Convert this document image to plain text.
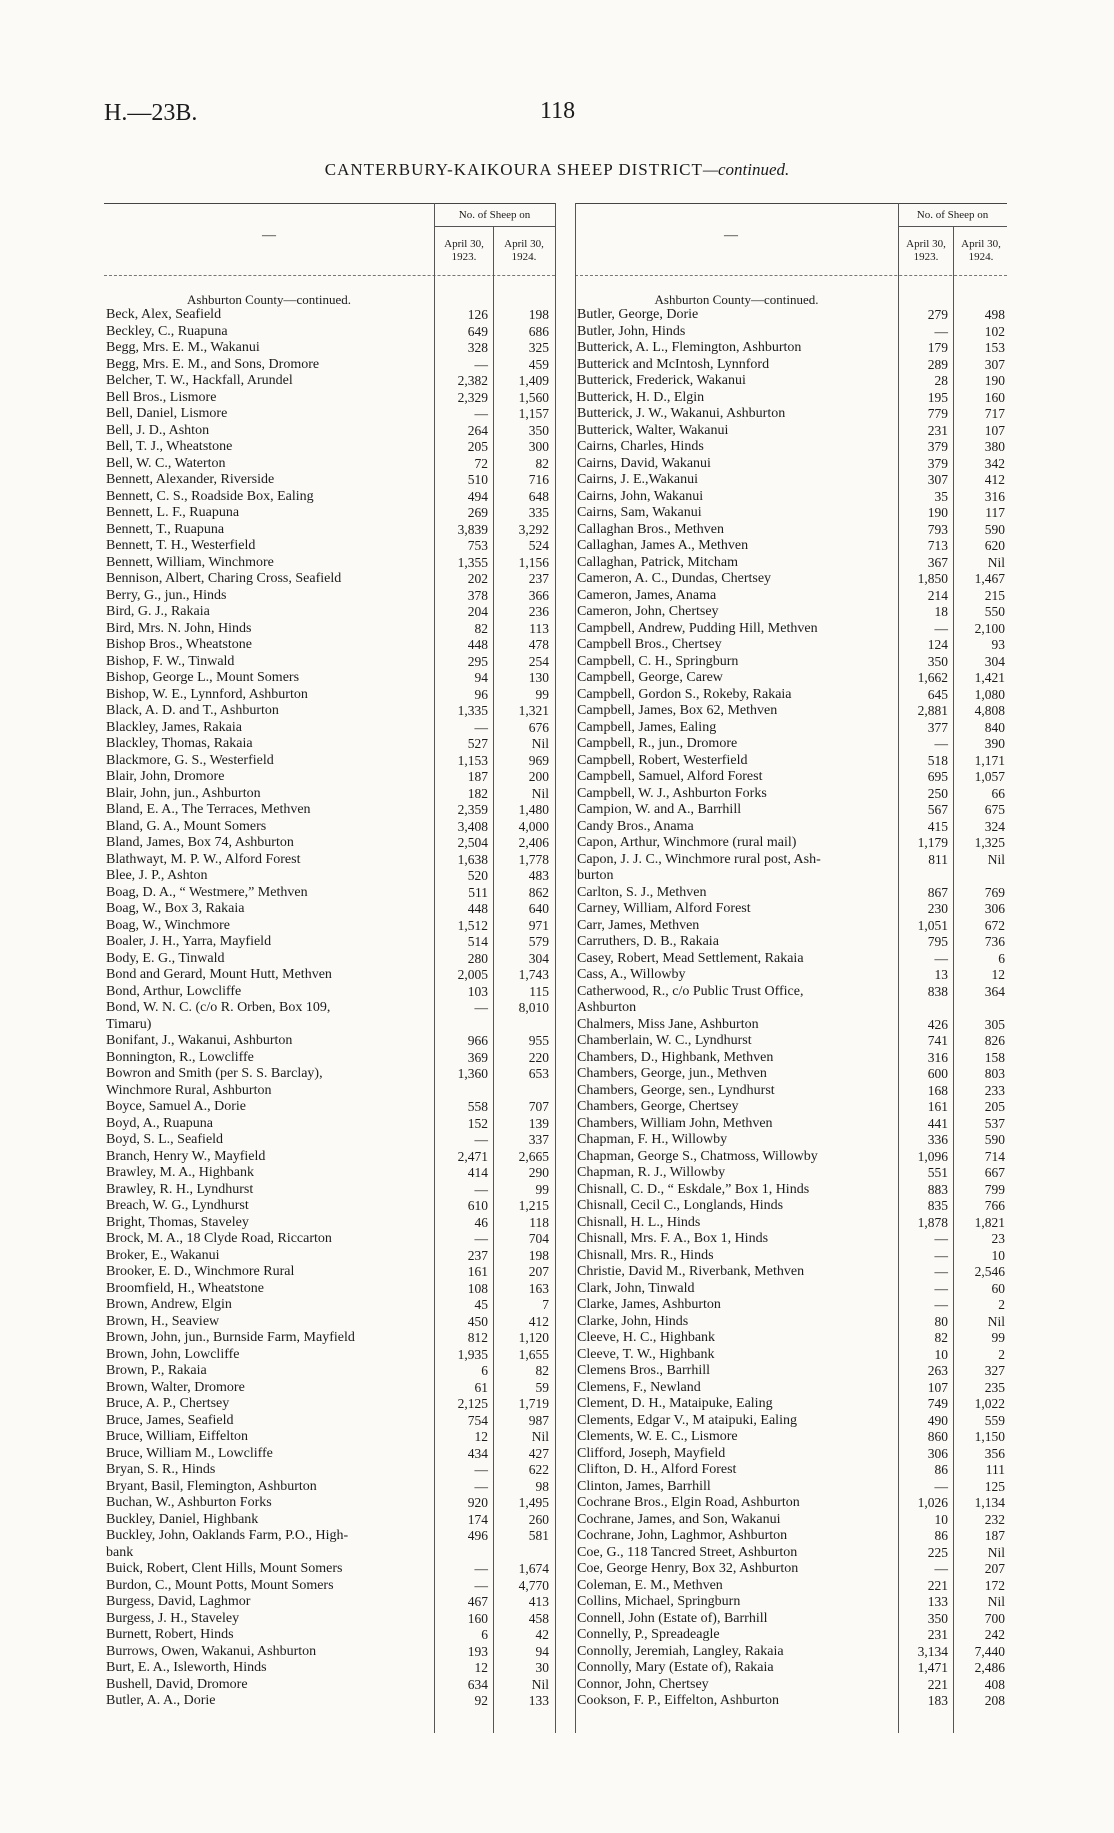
H.—23B.	118
CANTERBURY-KAIKOURA SHEEP DISTRICT—continued.
—
No. of Sheep on
April 30, 1923.
April 30, 1924.
—
No. of Sheep on
April 30, 1923.
April 30, 1924.
Ashburton County—continued.	Ashburton County—continued.
Beck, Alex, Seafield	126	198
Beckley, C., Ruapuna	649	686
Begg, Mrs. E. M., Wakanui	328	325
Begg, Mrs. E. M., and Sons, Dromore	—	459
Belcher, T. W., Hackfall, Arundel	2,382	1,409
Bell Bros., Lismore	2,329	1,560
Bell, Daniel, Lismore	—	1,157
Bell, J. D., Ashton	264	350
Bell, T. J., Wheatstone	205	300
Bell, W. C., Waterton	72	82
Bennett, Alexander, Riverside	510	716
Bennett, C. S., Roadside Box, Ealing	494	648
Bennett, L. F., Ruapuna	269	335
Bennett, T., Ruapuna	3,839	3,292
Bennett, T. H., Westerfield	753	524
Bennett, William, Winchmore	1,355	1,156
Bennison, Albert, Charing Cross, Seafield	202	237
Berry, G., jun., Hinds	378	366
Bird, G. J., Rakaia	204	236
Bird, Mrs. N. John, Hinds	82	113
Bishop Bros., Wheatstone	448	478
Bishop, F. W., Tinwald	295	254
Bishop, George L., Mount Somers	94	130
Bishop, W. E., Lynnford, Ashburton	96	99
Black, A. D. and T., Ashburton	1,335	1,321
Blackley, James, Rakaia	—	676
Blackley, Thomas, Rakaia	527	Nil
Blackmore, G. S., Westerfield	1,153	969
Blair, John, Dromore	187	200
Blair, John, jun., Ashburton	182	Nil
Bland, E. A., The Terraces, Methven	2,359	1,480
Bland, G. A., Mount Somers	3,408	4,000
Bland, James, Box 74, Ashburton	2,504	2,406
Blathwayt, M. P. W., Alford Forest	1,638	1,778
Blee, J. P., Ashton	520	483
Boag, D. A., “ Westmere,” Methven	511	862
Boag, W., Box 3, Rakaia	448	640
Boag, W., Winchmore	1,512	971
Boaler, J. H., Yarra, Mayfield	514	579
Body, E. G., Tinwald	280	304
Bond and Gerard, Mount Hutt, Methven	2,005	1,743
Bond, Arthur, Lowcliffe	103	115
Bond, W. N. C. (c/o R. Orben, Box 109,	—	8,010
Timaru)
Bonifant, J., Wakanui, Ashburton	966	955
Bonnington, R., Lowcliffe	369	220
Bowron and Smith (per S. S. Barclay),	1,360	653
Winchmore Rural, Ashburton
Boyce, Samuel A., Dorie	558	707
Boyd, A., Ruapuna	152	139
Boyd, S. L., Seafield	—	337
Branch, Henry W., Mayfield	2,471	2,665
Brawley, M. A., Highbank	414	290
Brawley, R. H., Lyndhurst	—	99
Breach, W. G., Lyndhurst	610	1,215
Bright, Thomas, Staveley	46	118
Brock, M. A., 18 Clyde Road, Riccarton	—	704
Broker, E., Wakanui	237	198
Brooker, E. D., Winchmore Rural	161	207
Broomfield, H., Wheatstone	108	163
Brown, Andrew, Elgin	45	7
Brown, H., Seaview	450	412
Brown, John, jun., Burnside Farm, Mayfield	812	1,120
Brown, John, Lowcliffe	1,935	1,655
Brown, P., Rakaia	6	82
Brown, Walter, Dromore	61	59
Bruce, A. P., Chertsey	2,125	1,719
Bruce, James, Seafield	754	987
Bruce, William, Eiffelton	12	Nil
Bruce, William M., Lowcliffe	434	427
Bryan, S. R., Hinds	—	622
Bryant, Basil, Flemington, Ashburton	—	98
Buchan, W., Ashburton Forks	920	1,495
Buckley, Daniel, Highbank	174	260
Buckley, John, Oaklands Farm, P.O., High-	496	581
bank
Buick, Robert, Clent Hills, Mount Somers	—	1,674
Burdon, C., Mount Potts, Mount Somers	—	4,770
Burgess, David, Laghmor	467	413
Burgess, J. H., Staveley	160	458
Burnett, Robert, Hinds	6	42
Burrows, Owen, Wakanui, Ashburton	193	94
Burt, E. A., Isleworth, Hinds	12	30
Bushell, David, Dromore	634	Nil
Butler, A. A., Dorie	92	133
Butler, George, Dorie	279	498
Butler, John, Hinds	—	102
Butterick, A. L., Flemington, Ashburton	179	153
Butterick and McIntosh, Lynnford	289	307
Butterick, Frederick, Wakanui	28	190
Butterick, H. D., Elgin	195	160
Butterick, J. W., Wakanui, Ashburton	779	717
Butterick, Walter, Wakanui	231	107
Cairns, Charles, Hinds	379	380
Cairns, David, Wakanui	379	342
Cairns, J. E.,Wakanui	307	412
Cairns, John, Wakanui	35	316
Cairns, Sam, Wakanui	190	117
Callaghan Bros., Methven	793	590
Callaghan, James A., Methven	713	620
Callaghan, Patrick, Mitcham	367	Nil
Cameron, A. C., Dundas, Chertsey	1,850	1,467
Cameron, James, Anama	214	215
Cameron, John, Chertsey	18	550
Campbell, Andrew, Pudding Hill, Methven	—	2,100
Campbell Bros., Chertsey	124	93
Campbell, C. H., Springburn	350	304
Campbell, George, Carew	1,662	1,421
Campbell, Gordon S., Rokeby, Rakaia	645	1,080
Campbell, James, Box 62, Methven	2,881	4,808
Campbell, James, Ealing	377	840
Campbell, R., jun., Dromore	—	390
Campbell, Robert, Westerfield	518	1,171
Campbell, Samuel, Alford Forest	695	1,057
Campbell, W. J., Ashburton Forks	250	66
Campion, W. and A., Barrhill	567	675
Candy Bros., Anama	415	324
Capon, Arthur, Winchmore (rural mail)	1,179	1,325
Capon, J. J. C., Winchmore rural post, Ash-	811	Nil
burton
Carlton, S. J., Methven	867	769
Carney, William, Alford Forest	230	306
Carr, James, Methven	1,051	672
Carruthers, D. B., Rakaia	795	736
Casey, Robert, Mead Settlement, Rakaia	—	6
Cass, A., Willowby	13	12
Catherwood, R., c/o Public Trust Office,	838	364
Ashburton
Chalmers, Miss Jane, Ashburton	426	305
Chamberlain, W. C., Lyndhurst	741	826
Chambers, D., Highbank, Methven	316	158
Chambers, George, jun., Methven	600	803
Chambers, George, sen., Lyndhurst	168	233
Chambers, George, Chertsey	161	205
Chambers, William John, Methven	441	537
Chapman, F. H., Willowby	336	590
Chapman, George S., Chatmoss, Willowby	1,096	714
Chapman, R. J., Willowby	551	667
Chisnall, C. D., “ Eskdale,” Box 1, Hinds	883	799
Chisnall, Cecil C., Longlands, Hinds	835	766
Chisnall, H. L., Hinds	1,878	1,821
Chisnall, Mrs. F. A., Box 1, Hinds	—	23
Chisnall, Mrs. R., Hinds	—	10
Christie, David M., Riverbank, Methven	—	2,546
Clark, John, Tinwald	—	60
Clarke, James, Ashburton	—	2
Clarke, John, Hinds	80	Nil
Cleeve, H. C., Highbank	82	99
Cleeve, T. W., Highbank	10	2
Clemens Bros., Barrhill	263	327
Clemens, F., Newland	107	235
Clement, D. H., Mataipuke, Ealing	749	1,022
Clements, Edgar V., M ataipuki, Ealing	490	559
Clements, W. E. C., Lismore	860	1,150
Clifford, Joseph, Mayfield	306	356
Clifton, D. H., Alford Forest	86	111
Clinton, James, Barrhill	—	125
Cochrane Bros., Elgin Road, Ashburton	1,026	1,134
Cochrane, James, and Son, Wakanui	10	232
Cochrane, John, Laghmor, Ashburton	86	187
Coe, G., 118 Tancred Street, Ashburton	225	Nil
Coe, George Henry, Box 32, Ashburton	—	207
Coleman, E. M., Methven	221	172
Collins, Michael, Springburn	133	Nil
Connell, John (Estate of), Barrhill	350	700
Connelly, P., Spreadeagle	231	242
Connolly, Jeremiah, Langley, Rakaia	3,134	7,440
Connolly, Mary (Estate of), Rakaia	1,471	2,486
Connor, John, Chertsey	221	408
Cookson, F. P., Eiffelton, Ashburton	183	208
